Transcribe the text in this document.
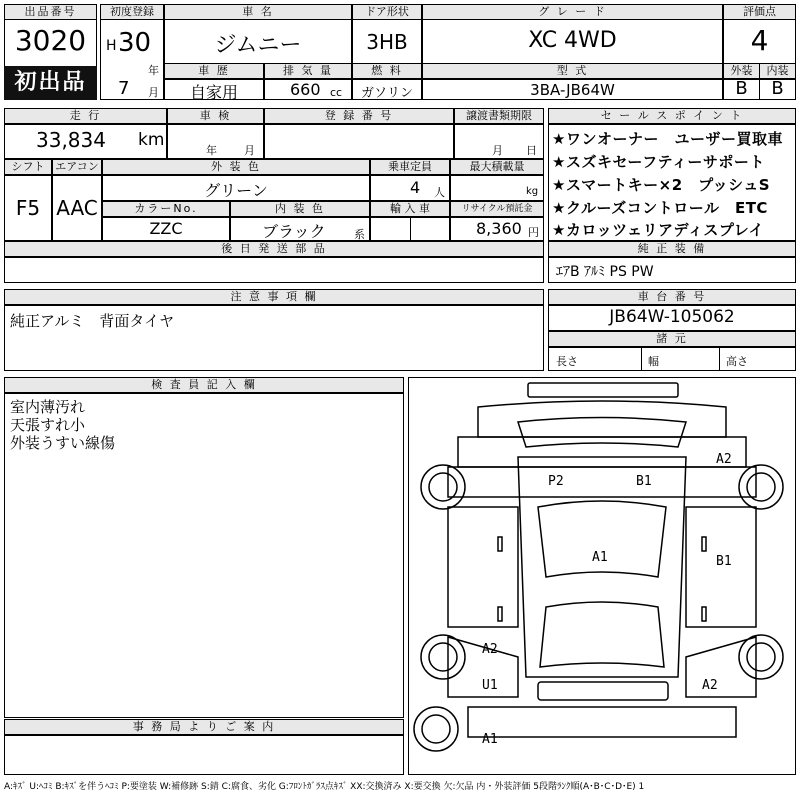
出品番号
3020
初出品
初度登録
H 30
年
7 月
車 名
ジムニー
ドア形状
3HB
グ レ ー ド
XC 4WD
評価点
4
車 歴
自家用
排 気 量
660 cc
燃 料
ガソリン
型 式
3BA-JB64W
外装	内装
B	B
走 行
33,834 km
車 検
年 月
登 録 番 号	譲渡書類期限
月 日
シフト
F5
エアコン
AAC
外 装 色
グリーン
乗車定員
4 人
最大積載量
kg
カラーNo.
ZZC
内 装 色
ブラック	系
輸 入 車	リサイクル預託金
8,360 円
後 日 発 送 部 品
セ ー ル ス ポ イ ン ト
★ワンオーナー　ユーザー買取車
★スズキセーフティーサポート
★スマートキー×2　プッシュS
★クルーズコントロール　ETC
★カロッツェリアディスプレイ
純 正 装 備
ｴｱB ｱﾙﾐ PS PW
注 意 事 項 欄
純正アルミ　背面タイヤ
車 台 番 号
JB64W-105062
諸 元
長さ	幅	高さ
検 査 員 記 入 欄
室内薄汚れ
天張すれ小
外装うすい線傷
事 務 局 よ り ご 案 内
P2	B1
A2
A1	B1
A2
U1	A2
A1
A:ｷｽﾞ U:ﾍｺﾐ B:ｷｽﾞを伴うﾍｺﾐ P:要塗装 W:補修跡 S:錆 C:腐食、劣化 G:ﾌﾛﾝﾄｶﾞﾗｽ点ｷｽﾞ XX:交換済み X:要交換 欠:欠品 内・外装評価 5段階ﾗﾝｸ順(A･B･C･D･E) 1
